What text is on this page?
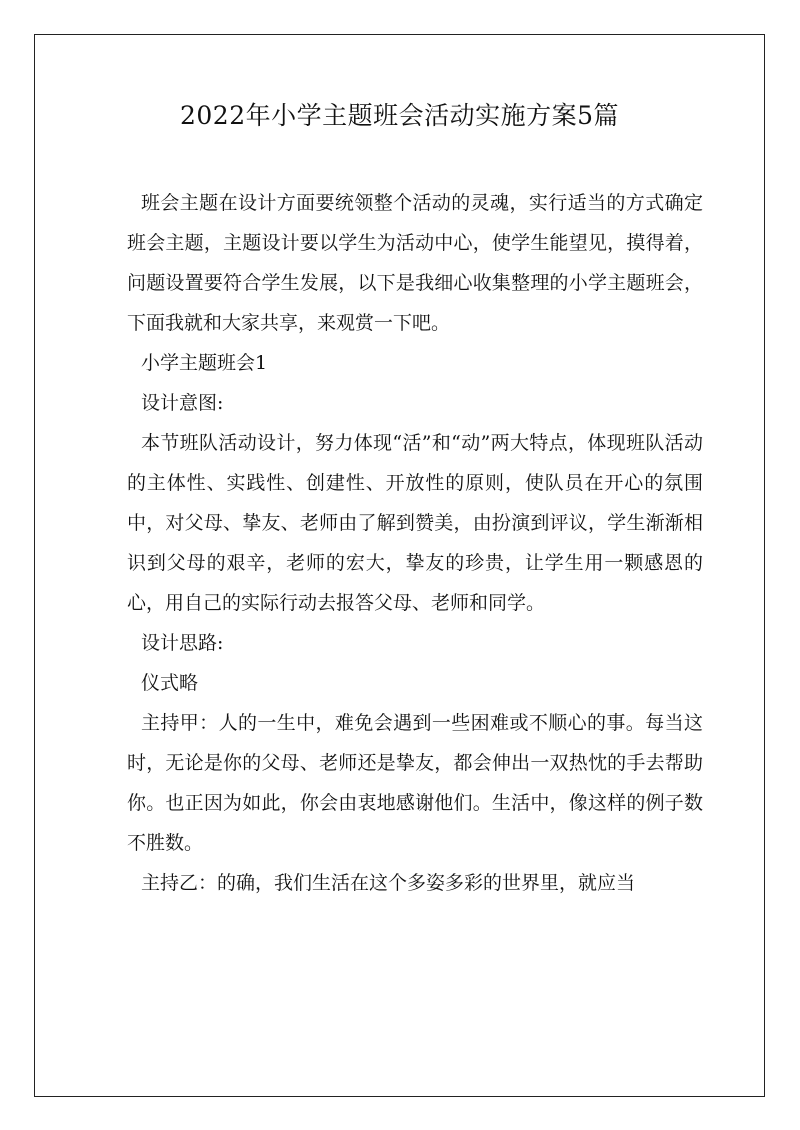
2022年小学主题班会活动实施方案5篇

班会主题在设计方面要统领整个活动的灵魂，实行适当的方式确定班会主题，主题设计要以学生为活动中心，使学生能望见，摸得着，问题设置要符合学生发展，以下是我细心收集整理的小学主题班会，下面我就和大家共享，来观赏一下吧。

小学主题班会1

设计意图:

本节班队活动设计，努力体现“活”和“动”两大特点，体现班队活动的主体性、实践性、创建性、开放性的原则，使队员在开心的氛围中，对父母、挚友、老师由了解到赞美，由扮演到评议，学生渐渐相识到父母的艰辛，老师的宏大，挚友的珍贵，让学生用一颗感恩的心，用自己的实际行动去报答父母、老师和同学。

设计思路:

仪式略

主持甲：人的一生中，难免会遇到一些困难或不顺心的事。每当这时，无论是你的父母、老师还是挚友，都会伸出一双热忱的手去帮助你。也正因为如此，你会由衷地感谢他们。生活中，像这样的例子数不胜数。

主持乙：的确，我们生活在这个多姿多彩的世界里，就应当
